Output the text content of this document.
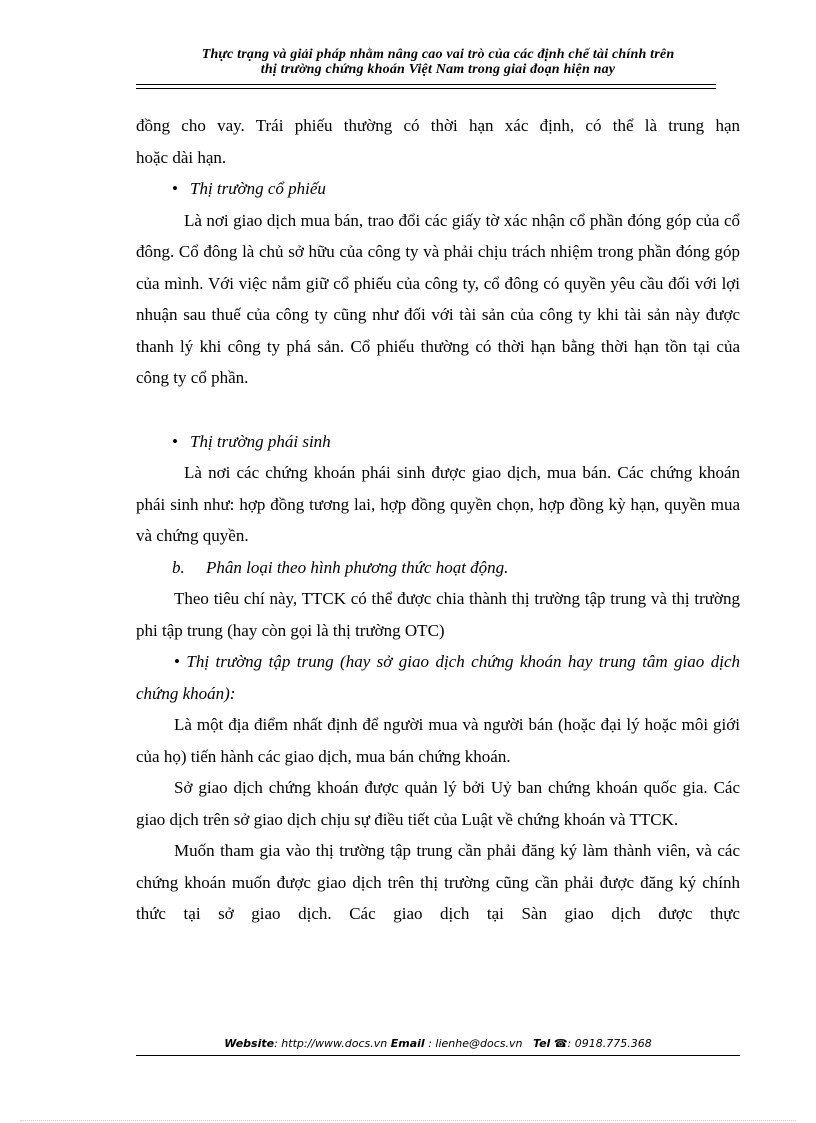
Thực trạng và giải pháp nhằm nâng cao vai trò của các định chế tài chính trên
thị trường chứng khoán Việt Nam trong giai đoạn hiện nay

đồng cho vay. Trái phiếu thường có thời hạn xác định, có thể là trung hạn

hoặc dài hạn.

• Thị trường cổ phiếu

Là nơi giao dịch mua bán, trao đổi các giấy tờ xác nhận cổ phần đóng góp của cổ đông. Cổ đông là chủ sở hữu của công ty và phải chịu trách nhiệm trong phần đóng góp của mình. Với việc nắm giữ cổ phiếu của công ty, cổ đông có quyền yêu cầu đối với lợi nhuận sau thuế của công ty cũng như đối với tài sản của công ty khi tài sản này được thanh lý khi công ty phá sản. Cổ phiếu thường có thời hạn bằng thời hạn tồn tại của công ty cổ phần.

• Thị trường phái sinh

Là nơi các chứng khoán phái sinh được giao dịch, mua bán. Các chứng khoán phái sinh như: hợp đồng tương lai, hợp đồng quyền chọn, hợp đồng kỳ hạn, quyền mua và chứng quyền.

b. Phân loại theo hình phương thức hoạt động.

Theo tiêu chí này, TTCK có thể được chia thành thị trường tập trung và thị trường phi tập trung (hay còn gọi là thị trường OTC)

• Thị trường tập trung (hay sở giao dịch chứng khoán hay trung tâm giao dịch chứng khoán):

Là một địa điểm nhất định để người mua và người bán (hoặc đại lý hoặc môi giới của họ) tiến hành các giao dịch, mua bán chứng khoán.

Sở giao dịch chứng khoán được quản lý bởi Uỷ ban chứng khoán quốc gia. Các giao dịch trên sở giao dịch chịu sự điều tiết của Luật về chứng khoán và TTCK.

Muốn tham gia vào thị trường tập trung cần phải đăng ký làm thành viên, và các chứng khoán muốn được giao dịch trên thị trường cũng cần phải được đăng ký chính thức tại sở giao dịch. Các giao dịch tại Sàn giao dịch được thực

Website: http://www.docs.vn Email : lienhe@docs.vn Tel ☎: 0918.775.368
